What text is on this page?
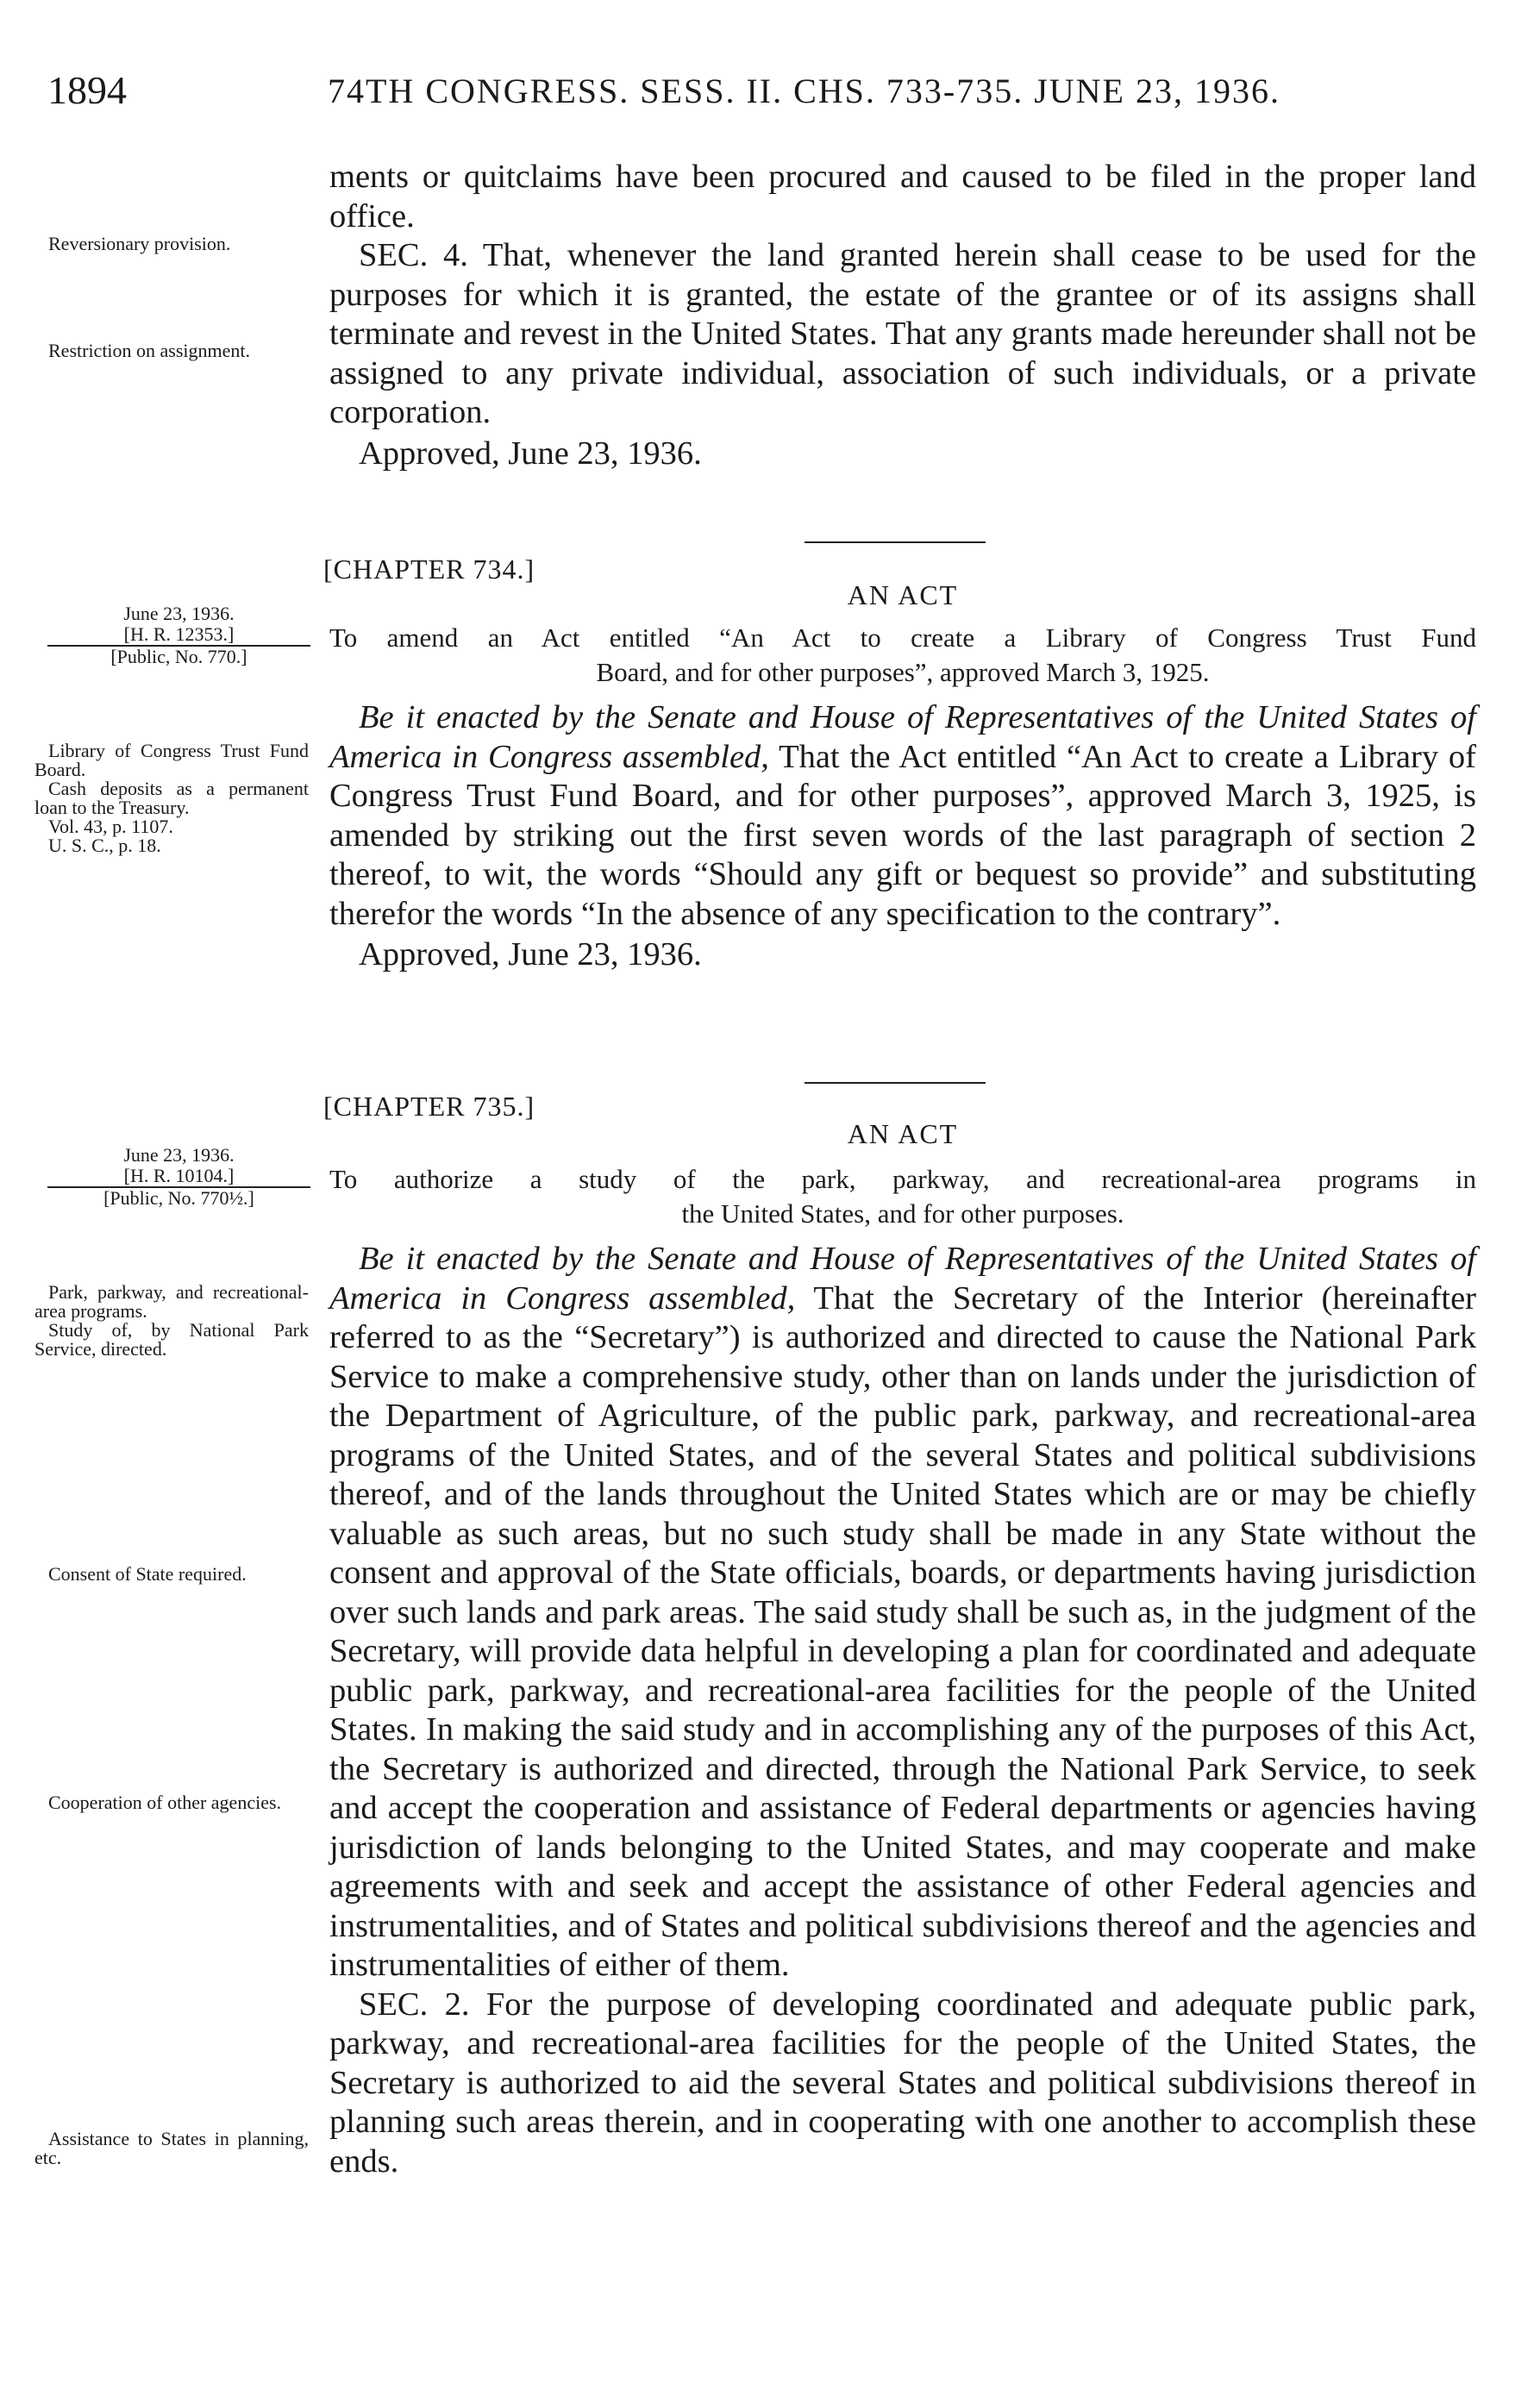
1894	74TH CONGRESS. SESS. II. CHS. 733-735. JUNE 23, 1936.

ments or quitclaims have been procured and caused to be filed in the proper land office.

SEC. 4. That, whenever the land granted herein shall cease to be used for the purposes for which it is granted, the estate of the grantee or of its assigns shall terminate and revest in the United States. That any grants made hereunder shall not be assigned to any private individual, association of such individuals, or a private corporation.

Approved, June 23, 1936.

Reversionary provision.

Restriction on assignment.

[CHAPTER 734.]
AN ACT
To amend an Act entitled “An Act to create a Library of Congress Trust Fund
Board, and for other purposes”, approved March 3, 1925.
June 23, 1936.
[H. R. 12353.]
[Public, No. 770.]

Be it enacted by the Senate and House of Representatives of the United States of America in Congress assembled, That the Act entitled “An Act to create a Library of Congress Trust Fund Board, and for other purposes”, approved March 3, 1925, is amended by striking out the first seven words of the last paragraph of section 2 thereof, to wit, the words “Should any gift or bequest so provide” and substituting therefor the words “In the absence of any specification to the contrary”.

Approved, June 23, 1936.

Library of Congress Trust Fund Board.

Cash deposits as a permanent loan to the Treasury.

Vol. 43, p. 1107.

U. S. C., p. 18.

[CHAPTER 735.]
AN ACT
To authorize a study of the park, parkway, and recreational-area programs in
the United States, and for other purposes.
June 23, 1936.
[H. R. 10104.]
[Public, No. 770½.]

Be it enacted by the Senate and House of Representatives of the United States of America in Congress assembled, That the Secretary of the Interior (hereinafter referred to as the “Secretary”) is authorized and directed to cause the National Park Service to make a comprehensive study, other than on lands under the jurisdiction of the Department of Agriculture, of the public park, parkway, and recreational-area programs of the United States, and of the several States and political subdivisions thereof, and of the lands throughout the United States which are or may be chiefly valuable as such areas, but no such study shall be made in any State without the consent and approval of the State officials, boards, or departments having jurisdiction over such lands and park areas. The said study shall be such as, in the judgment of the Secretary, will provide data helpful in developing a plan for coordinated and adequate public park, parkway, and recreational-area facilities for the people of the United States. In making the said study and in accomplishing any of the purposes of this Act, the Secretary is authorized and directed, through the National Park Service, to seek and accept the cooperation and assistance of Federal departments or agencies having jurisdiction of lands belonging to the United States, and may cooperate and make agreements with and seek and accept the assistance of other Federal agencies and instrumentalities, and of States and political subdivisions thereof and the agencies and instrumentalities of either of them.

SEC. 2. For the purpose of developing coordinated and adequate public park, parkway, and recreational-area facilities for the people of the United States, the Secretary is authorized to aid the several States and political subdivisions thereof in planning such areas therein, and in cooperating with one another to accomplish these ends.

Park, parkway, and recreational-area programs.

Study of, by National Park Service, directed.

Consent of State required.

Cooperation of other agencies.

Assistance to States in planning, etc.
